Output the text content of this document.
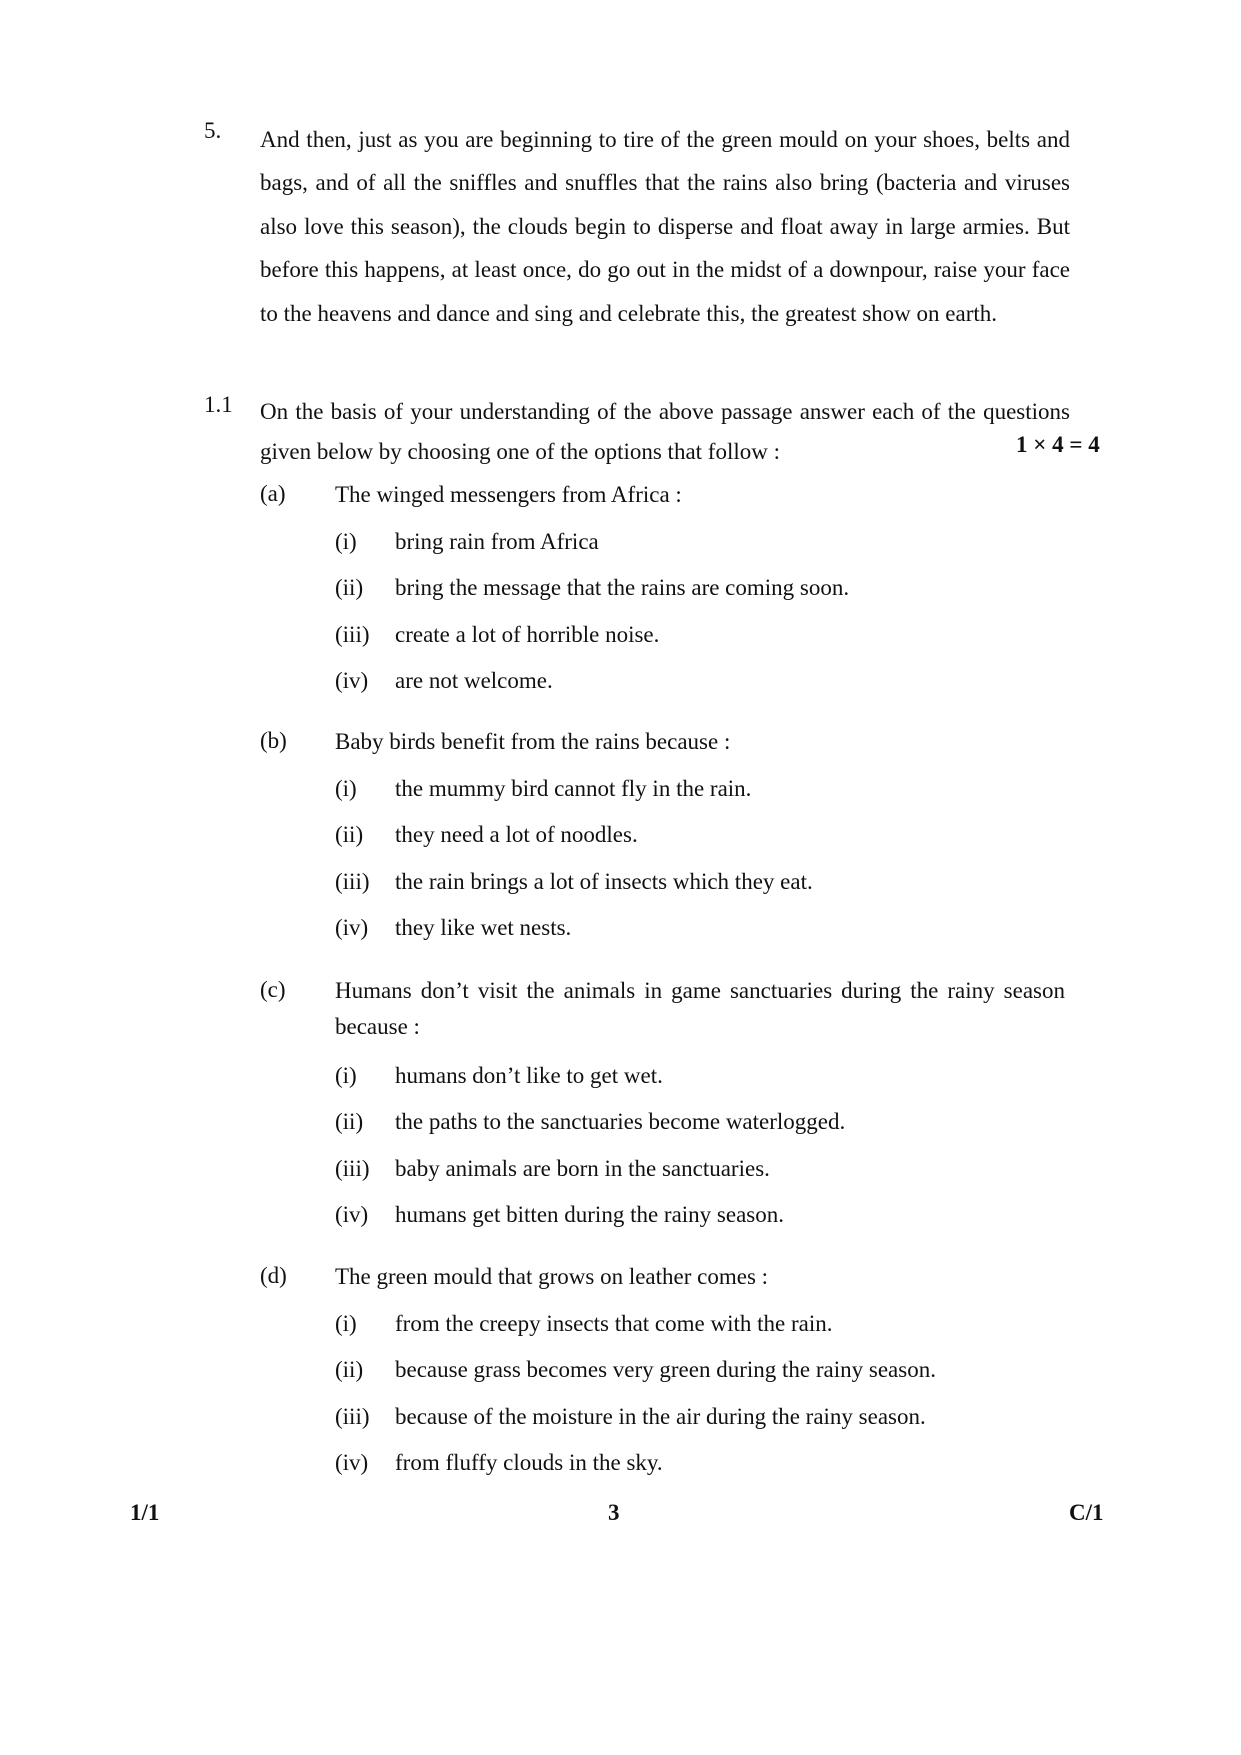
5. And then, just as you are beginning to tire of the green mould on your shoes, belts and bags, and of all the sniffles and snuffles that the rains also bring (bacteria and viruses also love this season), the clouds begin to disperse and float away in large armies. But before this happens, at least once, do go out in the midst of a downpour, raise your face to the heavens and dance and sing and celebrate this, the greatest show on earth.

1.1 On the basis of your understanding of the above passage answer each of the questions given below by choosing one of the options that follow :	1 × 4 = 4
(a) The winged messengers from Africa :

(i) bring rain from Africa
(ii) bring the message that the rains are coming soon.
(iii) create a lot of horrible noise.
(iv) are not welcome.
(b) Baby birds benefit from the rains because :

(i) the mummy bird cannot fly in the rain.
(ii) they need a lot of noodles.
(iii) the rain brings a lot of insects which they eat.
(iv) they like wet nests.
(c) Humans don’t visit the animals in game sanctuaries during the rainy season because :

(i) humans don’t like to get wet.
(ii) the paths to the sanctuaries become waterlogged.
(iii) baby animals are born in the sanctuaries.
(iv) humans get bitten during the rainy season.
(d) The green mould that grows on leather comes :

(i) from the creepy insects that come with the rain.
(ii) because grass becomes very green during the rainy season.
(iii) because of the moisture in the air during the rainy season.
(iv) from fluffy clouds in the sky.
1/1	3	C/1
